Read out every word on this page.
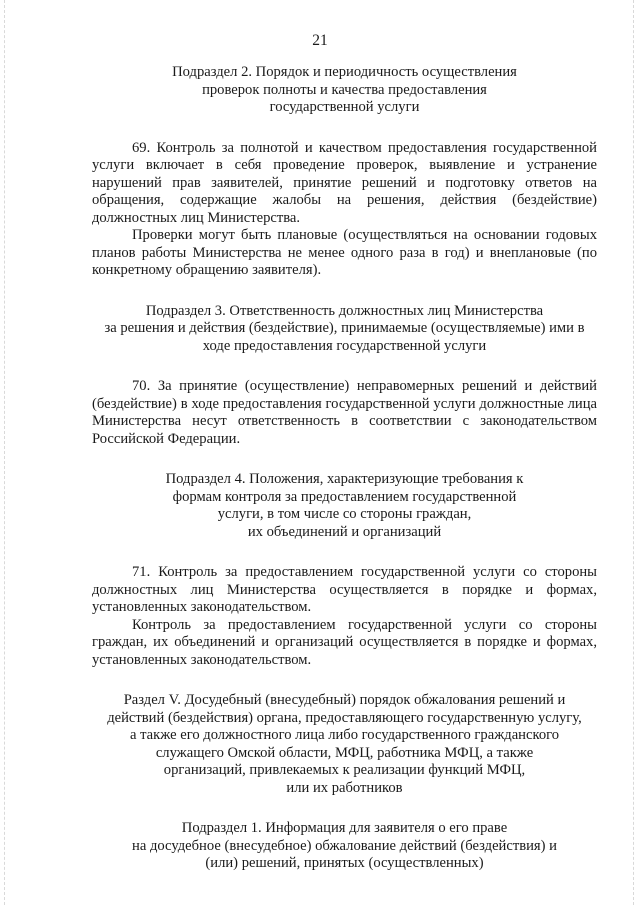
21
Подраздел 2. Порядок и периодичность осуществления
проверок полноты и качества предоставления
государственной услуги

69. Контроль за полнотой и качеством предоставления государственной услуги включает в себя проведение проверок, выявление и устранение нарушений прав заявителей, принятие решений и подготовку ответов на обращения, содержащие жалобы на решения, действия (бездействие) должностных лиц Министерства.

Проверки могут быть плановые (осуществляться на основании годовых планов работы Министерства не менее одного раза в год) и внеплановые (по конкретному обращению заявителя).

Подраздел 3. Ответственность должностных лиц Министерства
за решения и действия (бездействие), принимаемые (осуществляемые) ими в
ходе предоставления государственной услуги

70. За принятие (осуществление) неправомерных решений и действий (бездействие) в ходе предоставления государственной услуги должностные лица Министерства несут ответственность в соответствии с законодательством Российской Федерации.

Подраздел 4. Положения, характеризующие требования к
формам контроля за предоставлением государственной
услуги, в том числе со стороны граждан,
их объединений и организаций

71. Контроль за предоставлением государственной услуги со стороны должностных лиц Министерства осуществляется в порядке и формах, установленных законодательством.

Контроль за предоставлением государственной услуги со стороны граждан, их объединений и организаций осуществляется в порядке и формах, установленных законодательством.

Раздел V. Досудебный (внесудебный) порядок обжалования решений и
действий (бездействия) органа, предоставляющего государственную услугу,
а также его должностного лица либо государственного гражданского
служащего Омской области, МФЦ, работника МФЦ, а также
организаций, привлекаемых к реализации функций МФЦ,
или их работников
Подраздел 1. Информация для заявителя о его праве
на досудебное (внесудебное) обжалование действий (бездействия) и
(или) решений, принятых (осуществленных)
